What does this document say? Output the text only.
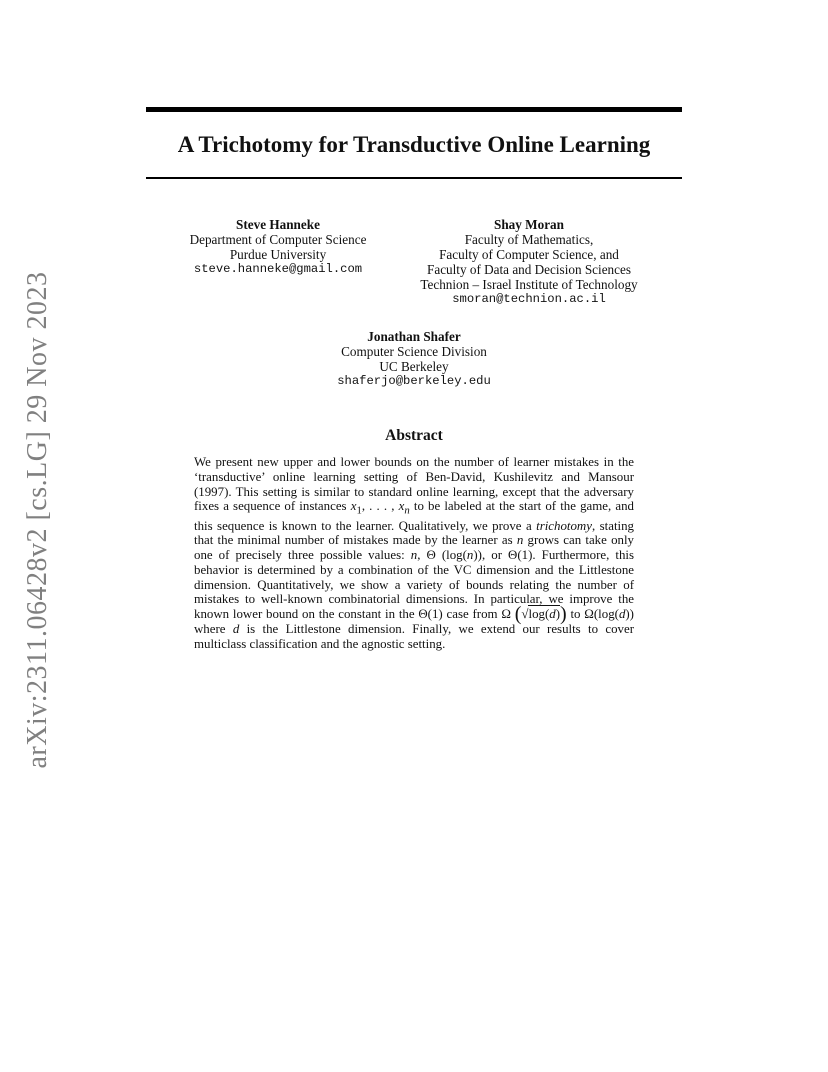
arXiv:2311.06428v2 [cs.LG] 29 Nov 2023
A Trichotomy for Transductive Online Learning
Steve Hanneke
Department of Computer Science
Purdue University
steve.hanneke@gmail.com
Shay Moran
Faculty of Mathematics,
Faculty of Computer Science, and
Faculty of Data and Decision Sciences
Technion – Israel Institute of Technology
smoran@technion.ac.il
Jonathan Shafer
Computer Science Division
UC Berkeley
shaferjo@berkeley.edu
Abstract

We present new upper and lower bounds on the number of learner mistakes in the ‘transductive’ online learning setting of Ben-David, Kushilevitz and Mansour (1997). This setting is similar to standard online learning, except that the adversary fixes a sequence of instances $x_1$, . . . , $x_n$ to be labeled at the start of the game, and this sequence is known to the learner. Qualitatively, we prove a trichotomy, stating that the minimal number of mistakes made by the learner as n grows can take only one of precisely three possible values: n, Θ (log(n)), or Θ(1). Furthermore, this behavior is determined by a combination of the VC dimension and the Littlestone dimension. Quantitatively, we show a variety of bounds relating the number of mistakes to well-known combinatorial dimensions. In particular, we improve the known lower bound on the constant in the Θ(1) case from Ω (√log(d)) to Ω(log(d)) where d is the Littlestone dimension. Finally, we extend our results to cover multiclass classification and the agnostic setting.
